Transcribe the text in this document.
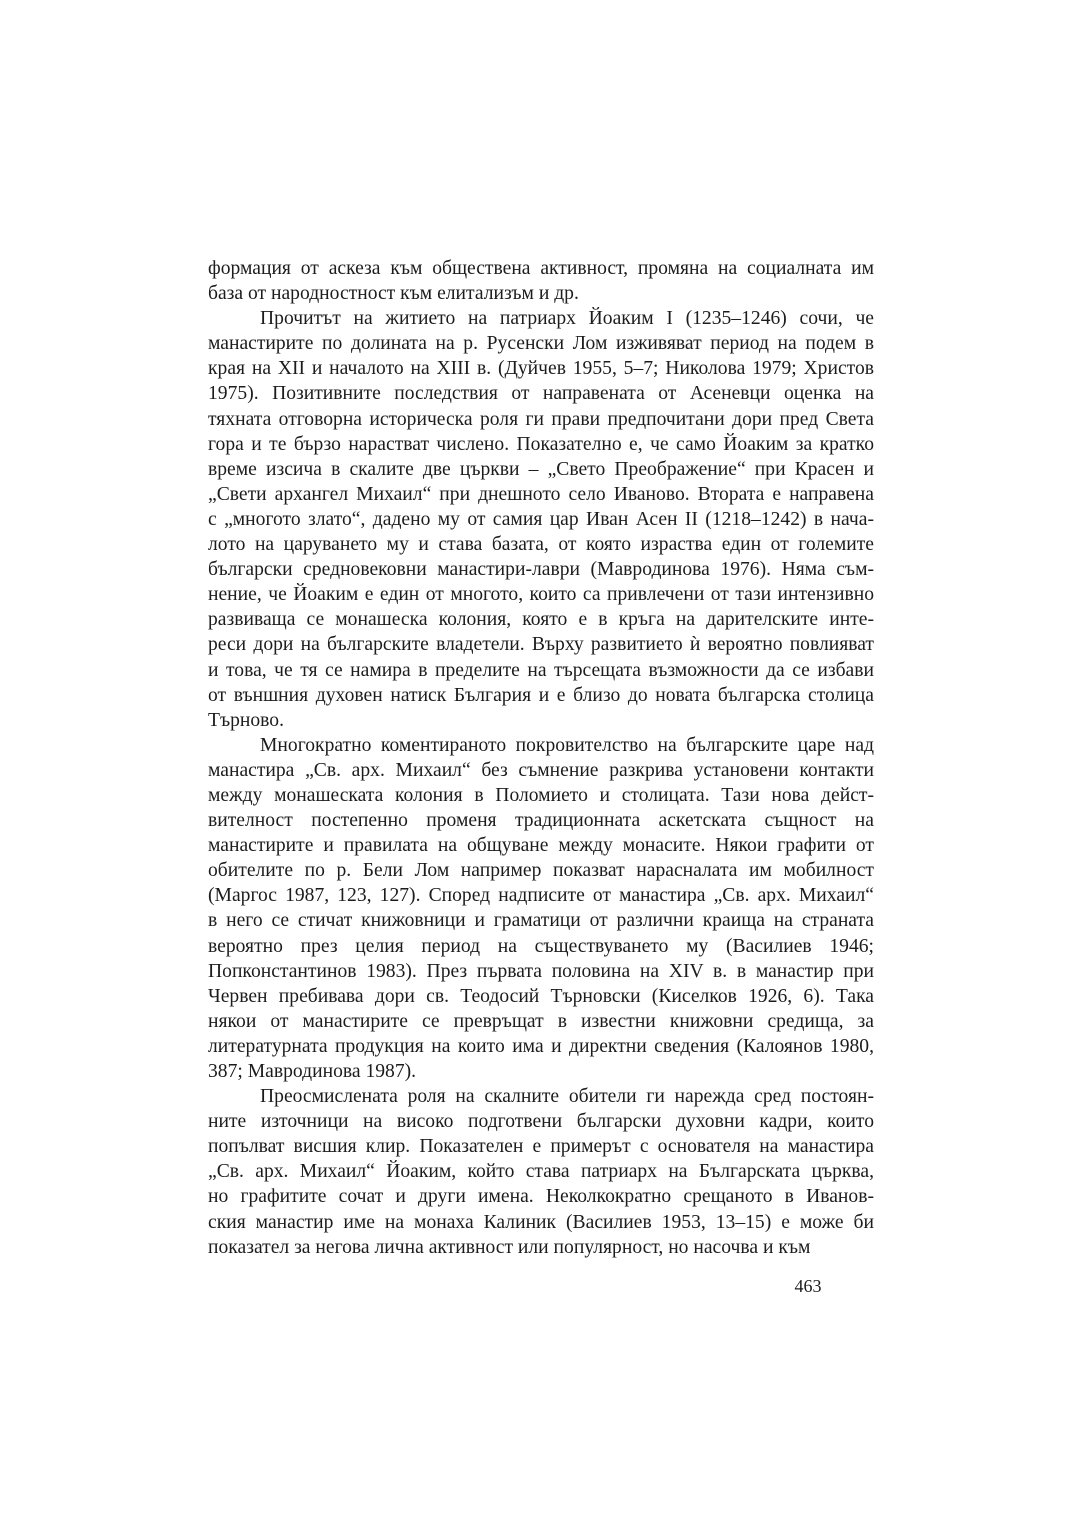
формация от аскеза към обществена активност, промяна на социалната им
база от народностност към елитализъм и др.
Прочитът на житието на патриарх Йоаким I (1235–1246) сочи, че
манастирите по долината на р. Русенски Лом изживяват период на подем в
края на XII и началото на XIII в. (Дуйчев 1955, 5–7; Николова 1979; Христов
1975). Позитивните последствия от направената от Асеневци оценка на
тяхната отговорна историческа роля ги прави предпочитани дори пред Света
гора и те бързо нарастват числено. Показателно е, че само Йоаким за кратко
време изсича в скалите две църкви – „Свето Преображение“ при Красен и
„Свети архангел Михаил“ при днешното село Иваново. Втората е направена
с „многото злато“, дадено му от самия цар Иван Асен II (1218–1242) в нача-
лото на царуването му и става базата, от която израства един от големите
български средновековни манастири-лаври (Мавродинова 1976). Няма съм-
нение, че Йоаким е един от многото, които са привлечени от тази интензивно
развиваща се монашеска колония, която е в кръга на дарителските инте-
реси дори на българските владетели. Върху развитието ѝ вероятно повлияват
и това, че тя се намира в пределите на търсещата възможности да се избави
от външния духовен натиск България и е близо до новата българска столица
Търново.
Многократно коментираното покровителство на българските царе над
манастира „Св. арх. Михаил“ без съмнение разкрива установени контакти
между монашеската колония в Поломието и столицата. Тази нова дейст-
вителност постепенно променя традиционната аскетската същност на
манастирите и правилата на общуване между монасите. Някои графити от
обителите по р. Бели Лом например показват нарасналата им мобилност
(Маргос 1987, 123, 127). Според надписите от манастира „Св. арх. Михаил“
в него се стичат книжовници и граматици от различни краища на страната
вероятно през целия период на съществуването му (Василиев 1946;
Попконстантинов 1983). През първата половина на XIV в. в манастир при
Червен пребивава дори св. Теодосий Търновски (Киселков 1926, 6). Така
някои от манастирите се превръщат в известни книжовни средища, за
литературната продукция на които има и директни сведения (Калоянов 1980,
387; Мавродинова 1987).
Преосмислената роля на скалните обители ги нарежда сред постоян-
ните източници на високо подготвени български духовни кадри, които
попълват висшия клир. Показателен е примерът с основателя на манастира
„Св. арх. Михаил“ Йоаким, който става патриарх на Българската църква,
но графитите сочат и други имена. Неколкократно срещаното в Иванов-
ския манастир име на монаха Калиник (Василиев 1953, 13–15) е може би
показател за негова лична активност или популярност, но насочва и към
463
